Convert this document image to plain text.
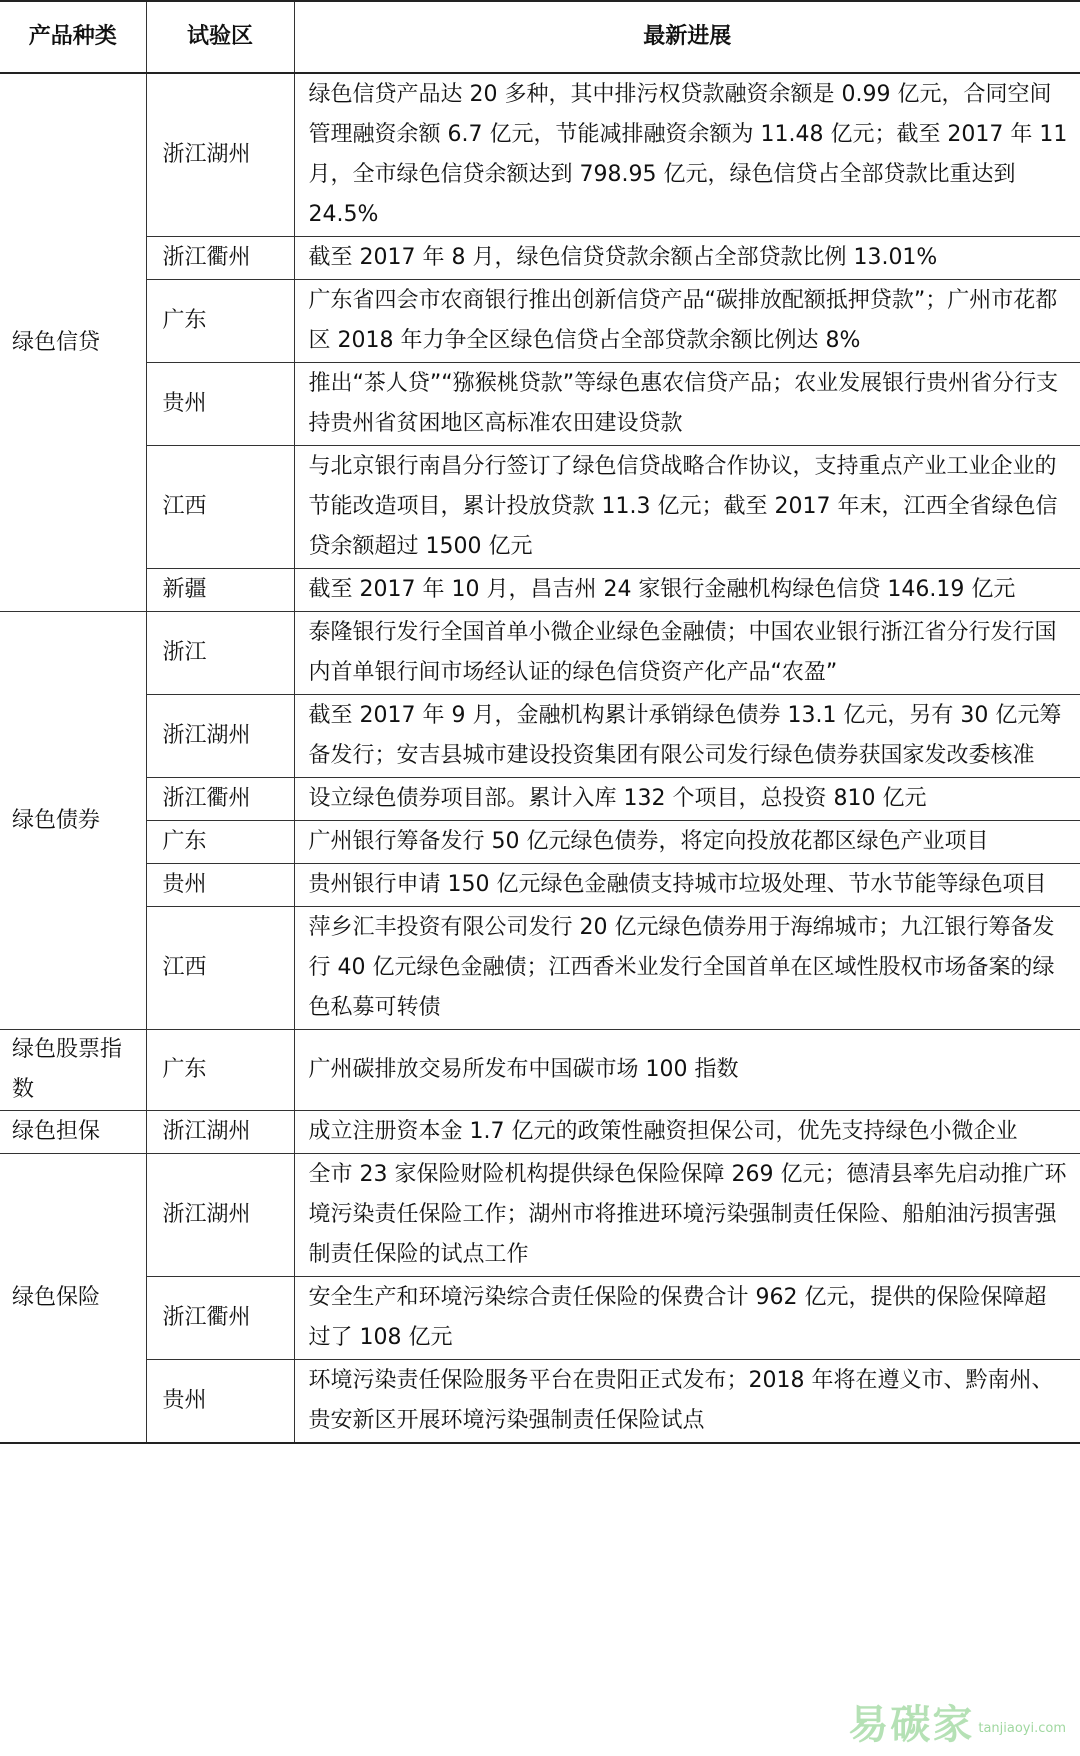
产品种类	试验区	最新进展
绿色信贷	浙江湖州	绿色信贷产品达 20 多种，其中排污权贷款融资余额是 0.99 亿元，合同空间管理融资余额 6.7 亿元，节能减排融资余额为 11.48 亿元；截至 2017 年 11 月，全市绿色信贷余额达到 798.95 亿元，绿色信贷占全部贷款比重达到 24.5%
	浙江衢州	截至 2017 年 8 月，绿色信贷贷款余额占全部贷款比例 13.01%
	广东	广东省四会市农商银行推出创新信贷产品“碳排放配额抵押贷款”；广州市花都区 2018 年力争全区绿色信贷占全部贷款余额比例达 8%
	贵州	推出“茶人贷”“猕猴桃贷款”等绿色惠农信贷产品；农业发展银行贵州省分行支持贵州省贫困地区高标准农田建设贷款
	江西	与北京银行南昌分行签订了绿色信贷战略合作协议，支持重点产业工业企业的节能改造项目，累计投放贷款 11.3 亿元；截至 2017 年末，江西全省绿色信贷余额超过 1500 亿元
	新疆	截至 2017 年 10 月，昌吉州 24 家银行金融机构绿色信贷 146.19 亿元
绿色债券	浙江	泰隆银行发行全国首单小微企业绿色金融债；中国农业银行浙江省分行发行国内首单银行间市场经认证的绿色信贷资产化产品“农盈”
	浙江湖州	截至 2017 年 9 月，金融机构累计承销绿色债券 13.1 亿元，另有 30 亿元筹备发行；安吉县城市建设投资集团有限公司发行绿色债券获国家发改委核准
	浙江衢州	设立绿色债券项目部。累计入库 132 个项目，总投资 810 亿元
	广东	广州银行筹备发行 50 亿元绿色债券，将定向投放花都区绿色产业项目
	贵州	贵州银行申请 150 亿元绿色金融债支持城市垃圾处理、节水节能等绿色项目
	江西	萍乡汇丰投资有限公司发行 20 亿元绿色债券用于海绵城市；九江银行筹备发行 40 亿元绿色金融债；江西香米业发行全国首单在区域性股权市场备案的绿色私募可转债
绿色股票指数	广东	广州碳排放交易所发布中国碳市场 100 指数
绿色担保	浙江湖州	成立注册资本金 1.7 亿元的政策性融资担保公司，优先支持绿色小微企业
绿色保险	浙江湖州	全市 23 家保险财险机构提供绿色保险保障 269 亿元；德清县率先启动推广环境污染责任保险工作；湖州市将推进环境污染强制责任保险、船舶油污损害强制责任保险的试点工作
	浙江衢州	安全生产和环境污染综合责任保险的保费合计 962 亿元，提供的保险保障超过了 108 亿元
	贵州	环境污染责任保险服务平台在贵阳正式发布；2018 年将在遵义市、黔南州、贵安新区开展环境污染强制责任保险试点
易碳家 tanjiaoyi.com
